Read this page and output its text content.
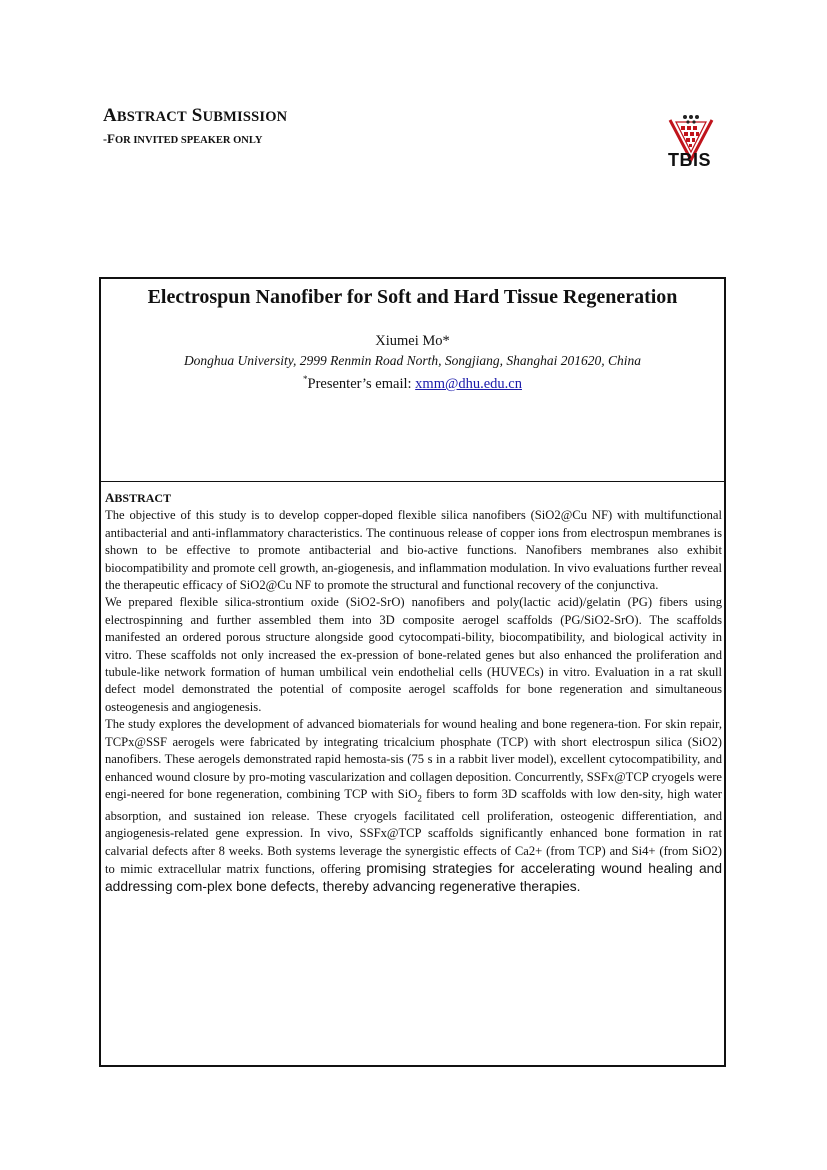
ABSTRACT SUBMISSION
-FOR INVITED SPEAKER ONLY
TBIS
Electrospun Nanofiber for Soft and Hard Tissue Regeneration
Xiumei Mo*
Donghua University, 2999 Renmin Road North, Songjiang, Shanghai 201620, China
*Presenter’s email: xmm@dhu.edu.cn
ABSTRACT

The objective of this study is to develop copper-doped flexible silica nanofibers (SiO2@Cu NF) with multifunctional antibacterial and anti-inflammatory characteristics. The continuous release of copper ions from electrospun membranes is shown to be effective to promote antibacterial and bio-active functions. Nanofibers membranes also exhibit biocompatibility and promote cell growth, an-giogenesis, and inflammation modulation. In vivo evaluations further reveal the therapeutic efficacy of SiO2@Cu NF to promote the structural and functional recovery of the conjunctiva.

We prepared flexible silica-strontium oxide (SiO2-SrO) nanofibers and poly(lactic acid)/gelatin (PG) fibers using electrospinning and further assembled them into 3D composite aerogel scaffolds (PG/SiO2-SrO). The scaffolds manifested an ordered porous structure alongside good cytocompati-bility, biocompatibility, and biological activity in vitro. These scaffolds not only increased the ex-pression of bone-related genes but also enhanced the proliferation and tubule-like network formation of human umbilical vein endothelial cells (HUVECs) in vitro. Evaluation in a rat skull defect model demonstrated the potential of composite aerogel scaffolds for bone regeneration and simultaneous osteogenesis and angiogenesis.

The study explores the development of advanced biomaterials for wound healing and bone regenera-tion. For skin repair, TCPx@SSF aerogels were fabricated by integrating tricalcium phosphate (TCP) with short electrospun silica (SiO2) nanofibers. These aerogels demonstrated rapid hemosta-sis (75 s in a rabbit liver model), excellent cytocompatibility, and enhanced wound closure by pro-moting vascularization and collagen deposition. Concurrently, SSFx@TCP cryogels were engi-neered for bone regeneration, combining TCP with SiO$_2$ fibers to form 3D scaffolds with low den-sity, high water absorption, and sustained ion release. These cryogels facilitated cell proliferation, osteogenic differentiation, and angiogenesis-related gene expression. In vivo, SSFx@TCP scaffolds significantly enhanced bone formation in rat calvarial defects after 8 weeks. Both systems leverage the synergistic effects of Ca2+ (from TCP) and Si4+ (from SiO2) to mimic extracellular matrix functions, offering promising strategies for accelerating wound healing and addressing com-plex bone defects, thereby advancing regenerative therapies.
